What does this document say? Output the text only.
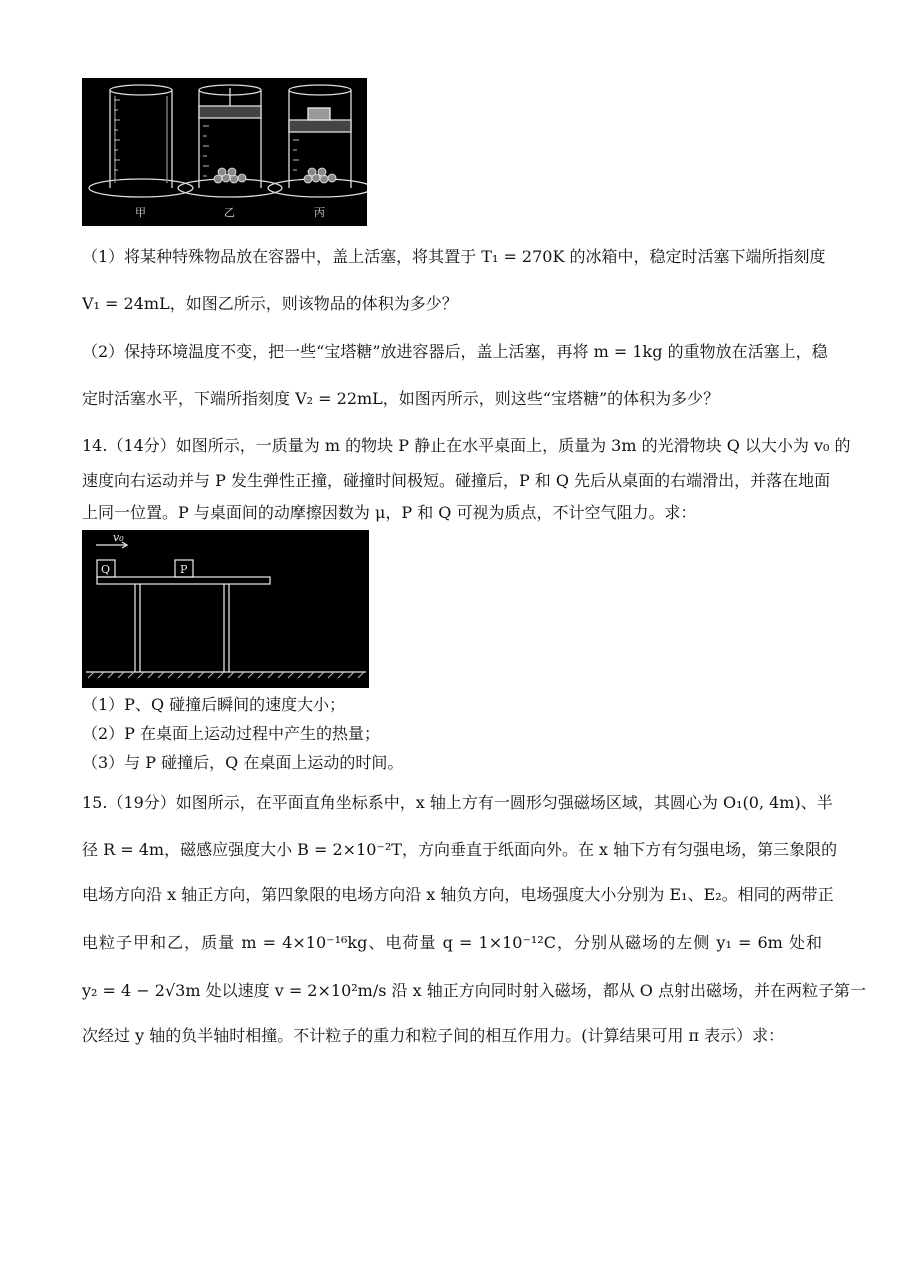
甲	乙	丙
（1）将某种特殊物品放在容器中，盖上活塞，将其置于 T₁ = 270K 的冰箱中，稳定时活塞下端所指刻度
V₁ = 24mL，如图乙所示，则该物品的体积为多少？
（2）保持环境温度不变，把一些“宝塔糖”放进容器后，盖上活塞，再将 m = 1kg 的重物放在活塞上，稳
定时活塞水平，下端所指刻度 V₂ = 22mL，如图丙所示，则这些“宝塔糖”的体积为多少？
14.（14分）如图所示，一质量为 m 的物块 P 静止在水平桌面上，质量为 3m 的光滑物块 Q 以大小为 v₀ 的
速度向右运动并与 P 发生弹性正撞，碰撞时间极短。碰撞后，P 和 Q 先后从桌面的右端滑出，并落在地面
上同一位置。P 与桌面间的动摩擦因数为 μ，P 和 Q 可视为质点，不计空气阻力。求：
v₀
Q	P
（1）P、Q 碰撞后瞬间的速度大小；
（2）P 在桌面上运动过程中产生的热量；
（3）与 P 碰撞后，Q 在桌面上运动的时间。
15.（19分）如图所示，在平面直角坐标系中，x 轴上方有一圆形匀强磁场区域，其圆心为 O₁(0, 4m)、半
径 R = 4m，磁感应强度大小 B = 2×10⁻²T，方向垂直于纸面向外。在 x 轴下方有匀强电场，第三象限的
电场方向沿 x 轴正方向，第四象限的电场方向沿 x 轴负方向，电场强度大小分别为 E₁、E₂。相同的两带正
电粒子甲和乙，质量 m = 4×10⁻¹⁶kg、电荷量 q = 1×10⁻¹²C，分别从磁场的左侧 y₁ = 6m 处和
y₂ = 4 − 2√3m 处以速度 v = 2×10²m/s 沿 x 轴正方向同时射入磁场，都从 O 点射出磁场，并在两粒子第一
次经过 y 轴的负半轴时相撞。不计粒子的重力和粒子间的相互作用力。(计算结果可用 π 表示）求：
